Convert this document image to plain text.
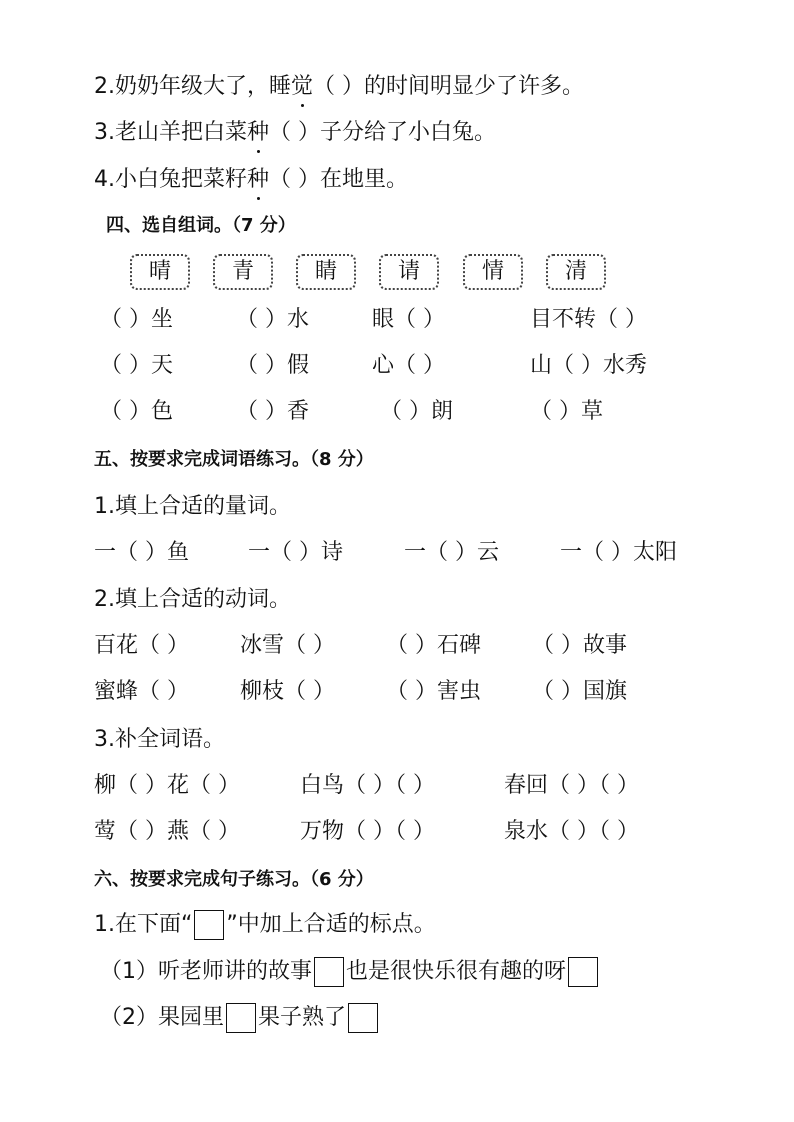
2.奶奶年级大了，睡觉（ ）的时间明显少了许多。
3.老山羊把白菜种（ ）子分给了小白兔。
4.小白兔把菜籽种（ ）在地里。
四、选自组词。（7 分）
晴	青	睛	请	情	清
（ ）坐	（ ）水	眼（ ）	目不转（ ）
（ ）天	（ ）假	心（ ）	山（ ）水秀
（ ）色	（ ）香	（ ）朗	（ ）草
五、按要求完成词语练习。（8 分）
1.填上合适的量词。
一（ ）鱼	一（ ）诗	一（ ）云	一（ ）太阳
2.填上合适的动词。
百花（ ） 冰雪（ ） （ ）石碑 （ ）故事
蜜蜂（ ） 柳枝（ ） （ ）害虫 （ ）国旗
3.补全词语。
柳（ ）花（ ）	白鸟（ ）（ ）	春回（ ）（ ）
莺（ ）燕（ ）	万物（ ）（ ）	泉水（ ）（ ）
六、按要求完成句子练习。（6 分）
1.在下面“ ”中加上合适的标点。
（1）听老师讲的故事 也是很快乐很有趣的呀
（2）果园里 果子熟了
